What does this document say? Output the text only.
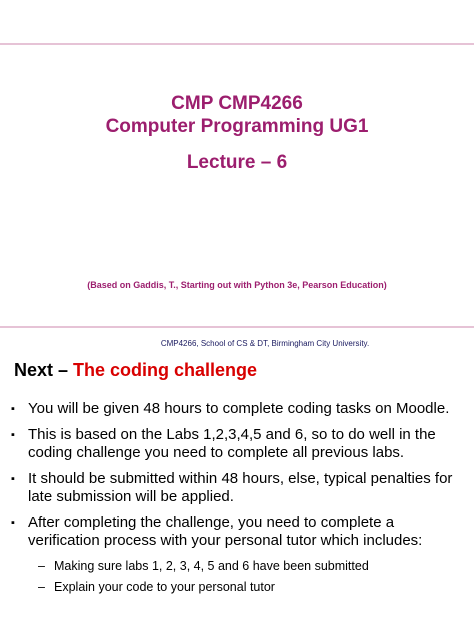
CMP CMP4266
Computer Programming UG1
Lecture – 6
(Based on Gaddis, T., Starting out with Python 3e, Pearson Education)
CMP4266, School of CS & DT, Birmingham City University.
Next – The coding challenge
▪ You will be given 48 hours to complete coding tasks on Moodle.
▪ This is based on the Labs 1,2,3,4,5 and 6, so to do well in the coding challenge you need to complete all previous labs.
▪ It should be submitted within 48 hours, else, typical penalties for late submission will be applied.
▪ After completing the challenge, you need to complete a verification process with your personal tutor which includes:
– Making sure labs 1, 2, 3, 4, 5 and 6 have been submitted
– Explain your code to your personal tutor
